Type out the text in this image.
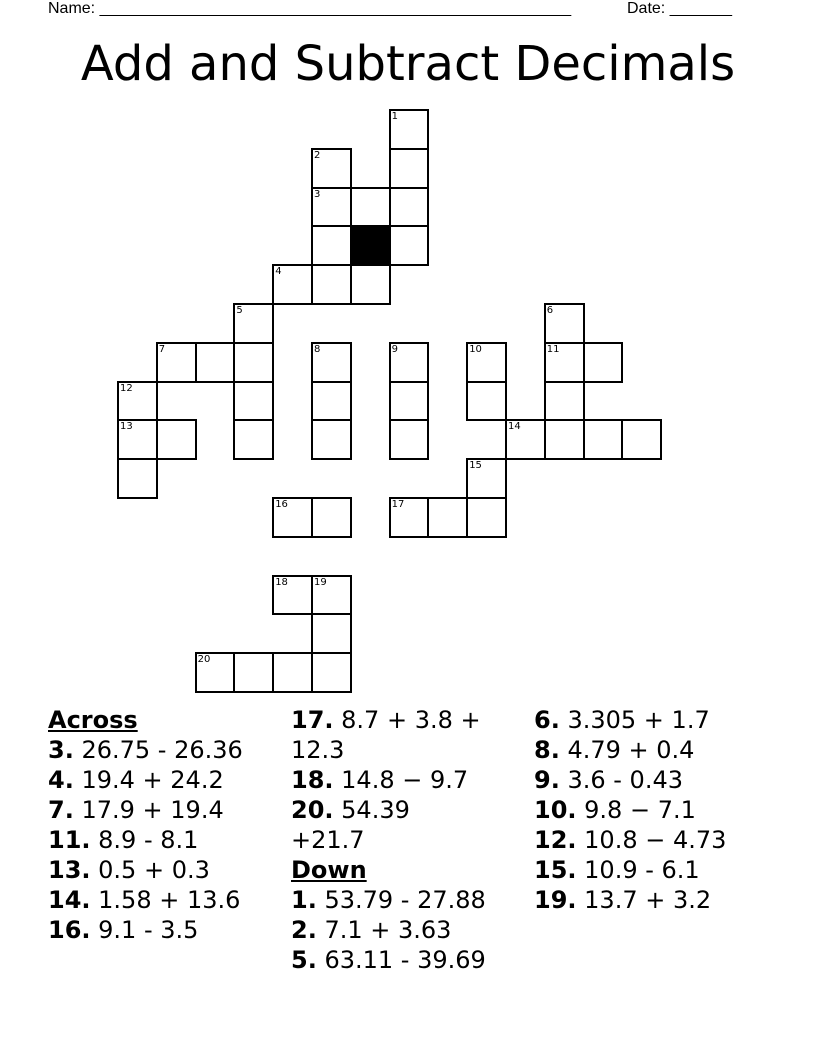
Name: _____________________________________________________	Date: _______
Add and Subtract Decimals
1
2
3
4
5	6
7	8	9	10	11
12
13	14
15
16	17
18	19
20
Across
3. 26.75 - 26.36
4. 19.4 + 24.2
7. 17.9 + 19.4
11. 8.9 - 8.1
13. 0.5 + 0.3
14. 1.58 + 13.6
16. 9.1 - 3.5
17. 8.7 + 3.8 + 12.3
18. 14.8 − 9.7
20. 54.39 +21.7
Down
1. 53.79 - 27.88
2. 7.1 + 3.63
5. 63.11 - 39.69
6. 3.305 + 1.7
8. 4.79 + 0.4
9. 3.6 - 0.43
10. 9.8 − 7.1
12. 10.8 − 4.73
15. 10.9 - 6.1
19. 13.7 + 3.2
